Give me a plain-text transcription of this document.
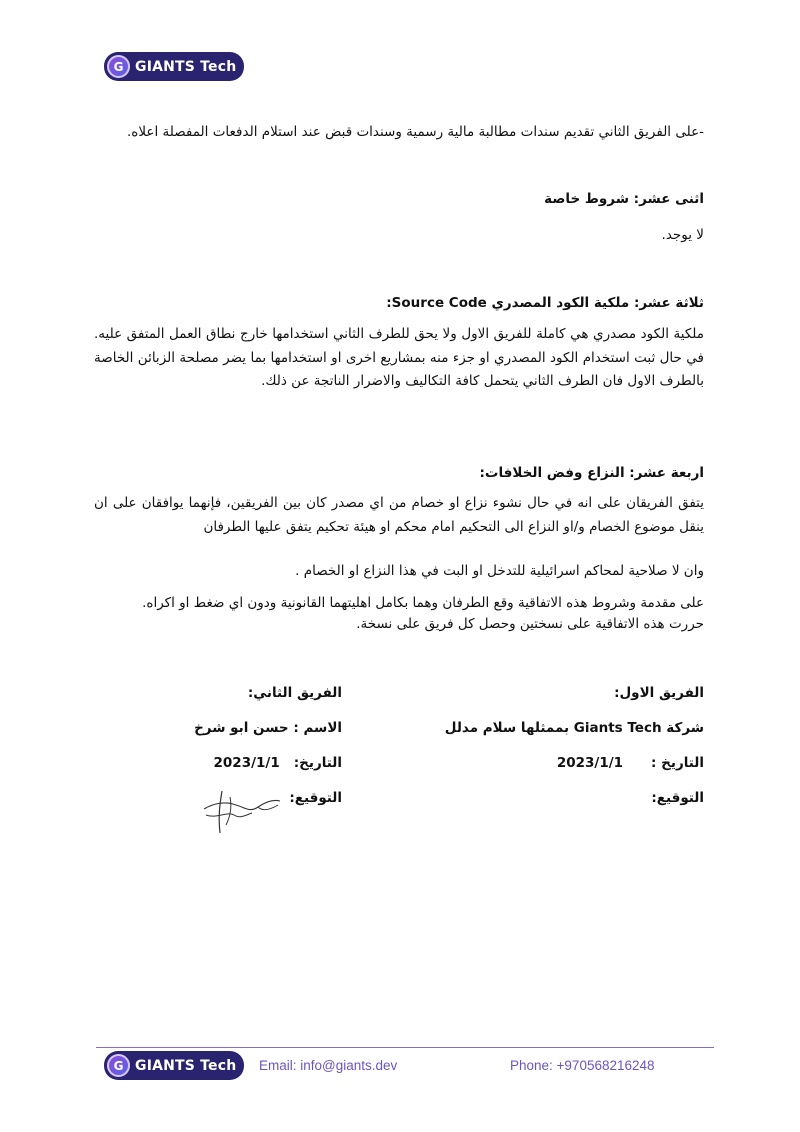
G GIANTS Tech

-على الفريق الثاني تقديم سندات مطالبة مالية رسمية وسندات قبض عند استلام الدفعات المفصلة اعلاه.

اثنى عشر: شروط خاصة

لا يوجد.

ثلاثة عشر: ملكية الكود المصدري Source Code:

ملكية الكود مصدري هي كاملة للفريق الاول ولا يحق للطرف الثاني استخدامها خارج نطاق العمل المتفق عليه. في حال ثبت استخدام الكود المصدري او جزء منه بمشاريع اخرى او استخدامها بما يضر مصلحة الزبائن الخاصة بالطرف الاول فان الطرف الثاني يتحمل كافة التكاليف والاضرار الناتجة عن ذلك.

اربعة عشر: النزاع وفض الخلافات:

يتفق الفريقان على انه في حال نشوء نزاع او خصام من اي مصدر كان بين الفريقين، فإنهما يوافقان على ان ينقل موضوع الخصام و/او النزاع الى التحكيم امام محكم او هيئة تحكيم يتفق عليها الطرفان

وان لا صلاحية لمحاكم اسرائيلية للتدخل او البت في هذا النزاع او الخصام .

على مقدمة وشروط هذه الاتفاقية وقع الطرفان وهما بكامل اهليتهما القانونية ودون اي ضغط او اكراه.

حررت هذه الاتفاقية على نسختين وحصل كل فريق على نسخة.

الفريق الاول:

شركة Giants Tech بممثلها سلام مدلل

التاريخ :
2023/1/1

التوقيع:

الفريق الثاني:

الاسم : حسن ابو شرخ

التاريخ:
2023/1/1

التوقيع:

G GIANTS Tech Email: info@giants.dev	Phone: +970568216248
